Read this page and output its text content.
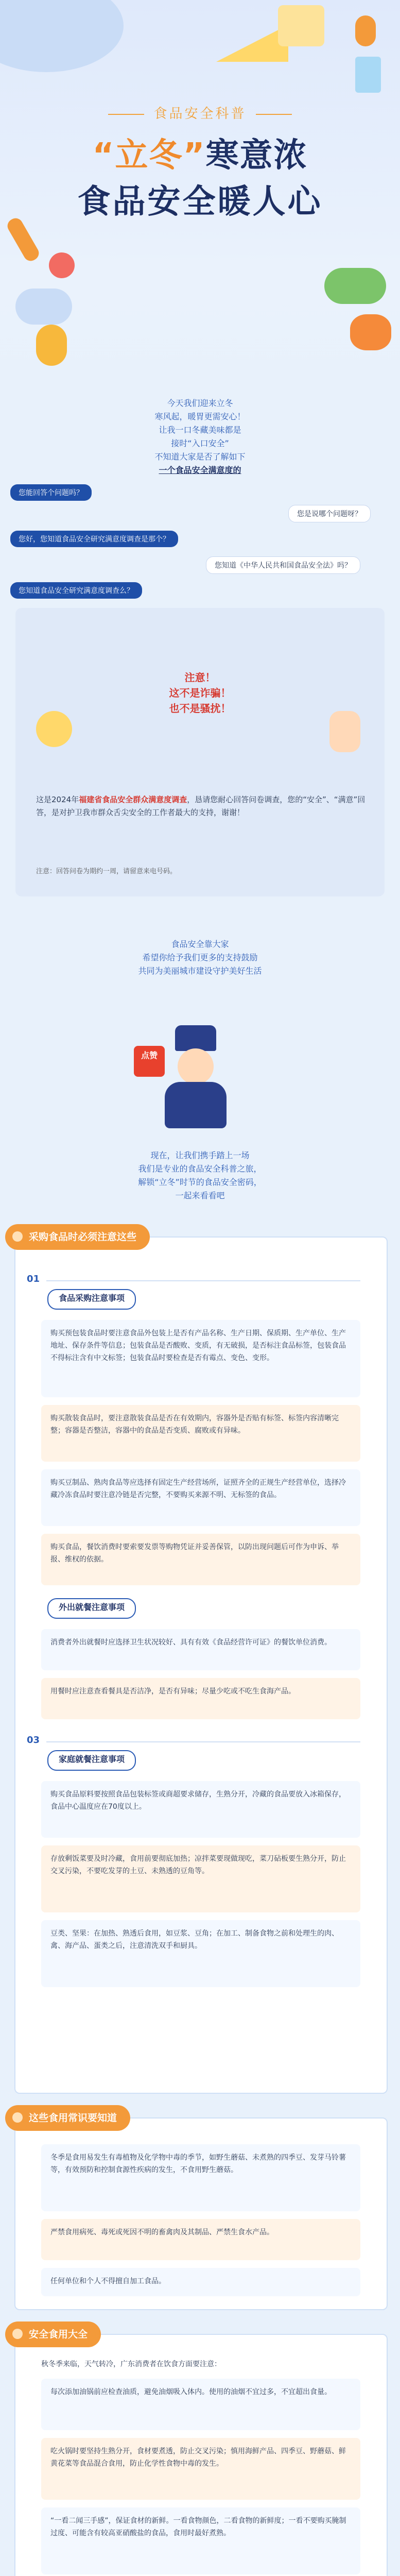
食品安全科普
“立冬”寒意浓
食品安全暖人心
今天我们迎来立冬
寒风起，暖胃更需安心！
让我一口冬藏美味都是
接时“入口安全”
不知道大家是否了解如下
一个食品安全满意度的
您能回答个问题吗？
您是说哪个问题呀？
您好，您知道食品安全研究满意度调查是那个？
您知道《中华人民共和国食品安全法》吗？
您知道食品安全研究满意度调查么？
注意！
这不是诈骗！
也不是骚扰！
这是2024年福建省食品安全群众满意度调查，恳请您耐心回答问卷调查，您的“安全”、“满意”回答，是对护卫我市群众舌尖安全的工作者最大的支持，谢谢！
注意：回答问卷为期约一周，请留意来电号码。
食品安全靠大家
希望你给予我们更多的支持鼓励
共同为美丽城市建设守护美好生活
点赞
现在，让我们携手踏上一场
我们是专业的食品安全科普之旅，
解锁“立冬”时节的食品安全密码，
一起来看看吧
采购食品时必须注意这些
01
食品采购注意事项
购买预包装食品时要注意食品外包装上是否有产品名称、生产日期、保质期、生产单位、生产地址、保存条件等信息；包装食品是否酸败、变质，有无破损，是否标注食品标签，包装食品不得标注含有中文标签；包装食品时要检查是否有霉点、变色、变形。
购买散装食品时，要注意散装食品是否在有效期内，容器外是否贴有标签、标签内容清晰完整；容器是否整洁，容器中的食品是否变质、腐败或有异味。
购买豆制品、熟肉食品等应选择有固定生产经营场所，证照齐全的正规生产经营单位，选择冷藏冷冻食品时要注意冷链是否完整，不要购买来源不明、无标签的食品。
购买食品，餐饮消费时要索要发票等购物凭证并妥善保管，以防出现问题后可作为申诉、举报、维权的依据。
外出就餐注意事项
消费者外出就餐时应选择卫生状况较好、具有有效《食品经营许可证》的餐饮单位消费。
用餐时应注意查看餐具是否洁净，是否有异味；尽量少吃或不吃生食海产品。
03
家庭就餐注意事项
购买食品原料要按照食品包装标签或商超要求储存，生熟分开，冷藏的食品要放入冰箱保存，食品中心温度应在70度以上。
存放剩饭菜要及时冷藏，食用前要彻底加热；凉拌菜要现做现吃，菜刀砧板要生熟分开，防止交叉污染，不要吃发芽的土豆、未熟透的豆角等。
豆类、坚果：在加热、熟透后食用，如豆浆、豆角；在加工、制备食物之前和处理生的肉、禽、海产品、蛋类之后，注意清洗双手和厨具。
这些食用常识要知道
冬季是食用易发生有毒植物及化学物中毒的季节，如野生蘑菇、未煮熟的四季豆、发芽马铃薯等，有效预防和控制食源性疾病的发生，不食用野生蘑菇。
严禁食用病死、毒死或死因不明的畜禽肉及其制品、严禁生食水产品。
任何单位和个人不得擅自加工食品。
安全食用大全
秋冬季来临，天气转冷，广东消费者在饮食方面要注意：
每次添加油锅前应检查油质，避免油烟吸入体内。使用的油烟不宜过多，不宜超出食量。
吃火锅时要坚持生熟分开，食材要煮透，防止交叉污染；慎用海鲜产品、四季豆、野蘑菇、鲜黄花菜等食品混合食用，防止化学性食物中毒的发生。
“一看二闻三手感”，保证食材的新鲜。一看食物颜色，二看食物的新鲜度；一看不要购买腌制过度、可能含有较高亚硝酸盐的食品，食用时最好煮熟。
